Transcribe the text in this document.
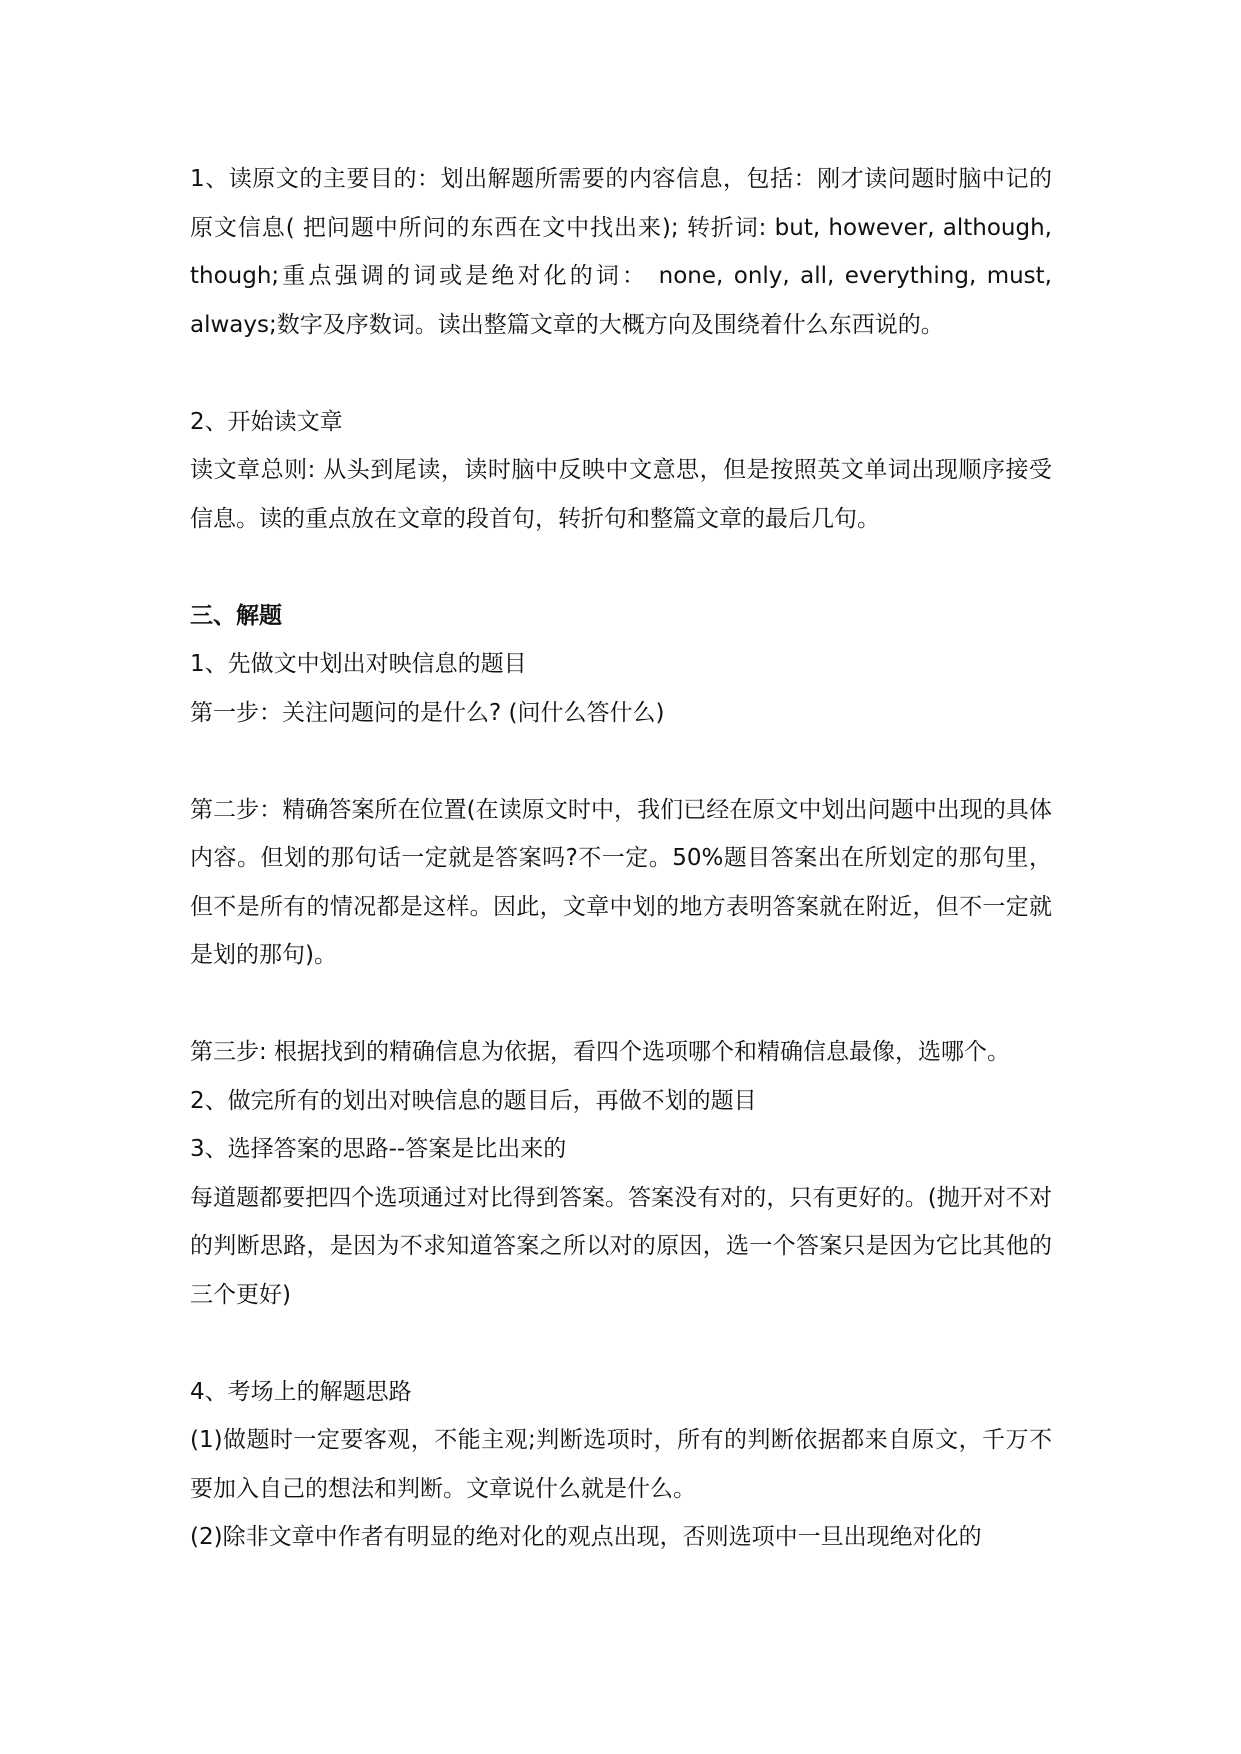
1、读原文的主要目的：划出解题所需要的内容信息，包括：刚才读问题时脑中记的原文信息( 把问题中所问的东西在文中找出来); 转折词: but, however, although, though;重点强调的词或是绝对化的词： none, only, all, everything, must, always;数字及序数词。读出整篇文章的大概方向及围绕着什么东西说的。

2、开始读文章

读文章总则: 从头到尾读，读时脑中反映中文意思，但是按照英文单词出现顺序接受信息。读的重点放在文章的段首句，转折句和整篇文章的最后几句。

三、解题

1、先做文中划出对映信息的题目

第一步：关注问题问的是什么? (问什么答什么)

第二步：精确答案所在位置(在读原文时中，我们已经在原文中划出问题中出现的具体内容。但划的那句话一定就是答案吗?不一定。50%题目答案出在所划定的那句里，但不是所有的情况都是这样。因此，文章中划的地方表明答案就在附近，但不一定就是划的那句)。

第三步: 根据找到的精确信息为依据，看四个选项哪个和精确信息最像，选哪个。

2、做完所有的划出对映信息的题目后，再做不划的题目

3、选择答案的思路--答案是比出来的

每道题都要把四个选项通过对比得到答案。答案没有对的，只有更好的。(抛开对不对的判断思路，是因为不求知道答案之所以对的原因，选一个答案只是因为它比其他的三个更好)

4、考场上的解题思路

(1)做题时一定要客观，不能主观;判断选项时，所有的判断依据都来自原文，千万不要加入自己的想法和判断。文章说什么就是什么。

(2)除非文章中作者有明显的绝对化的观点出现，否则选项中一旦出现绝对化的
